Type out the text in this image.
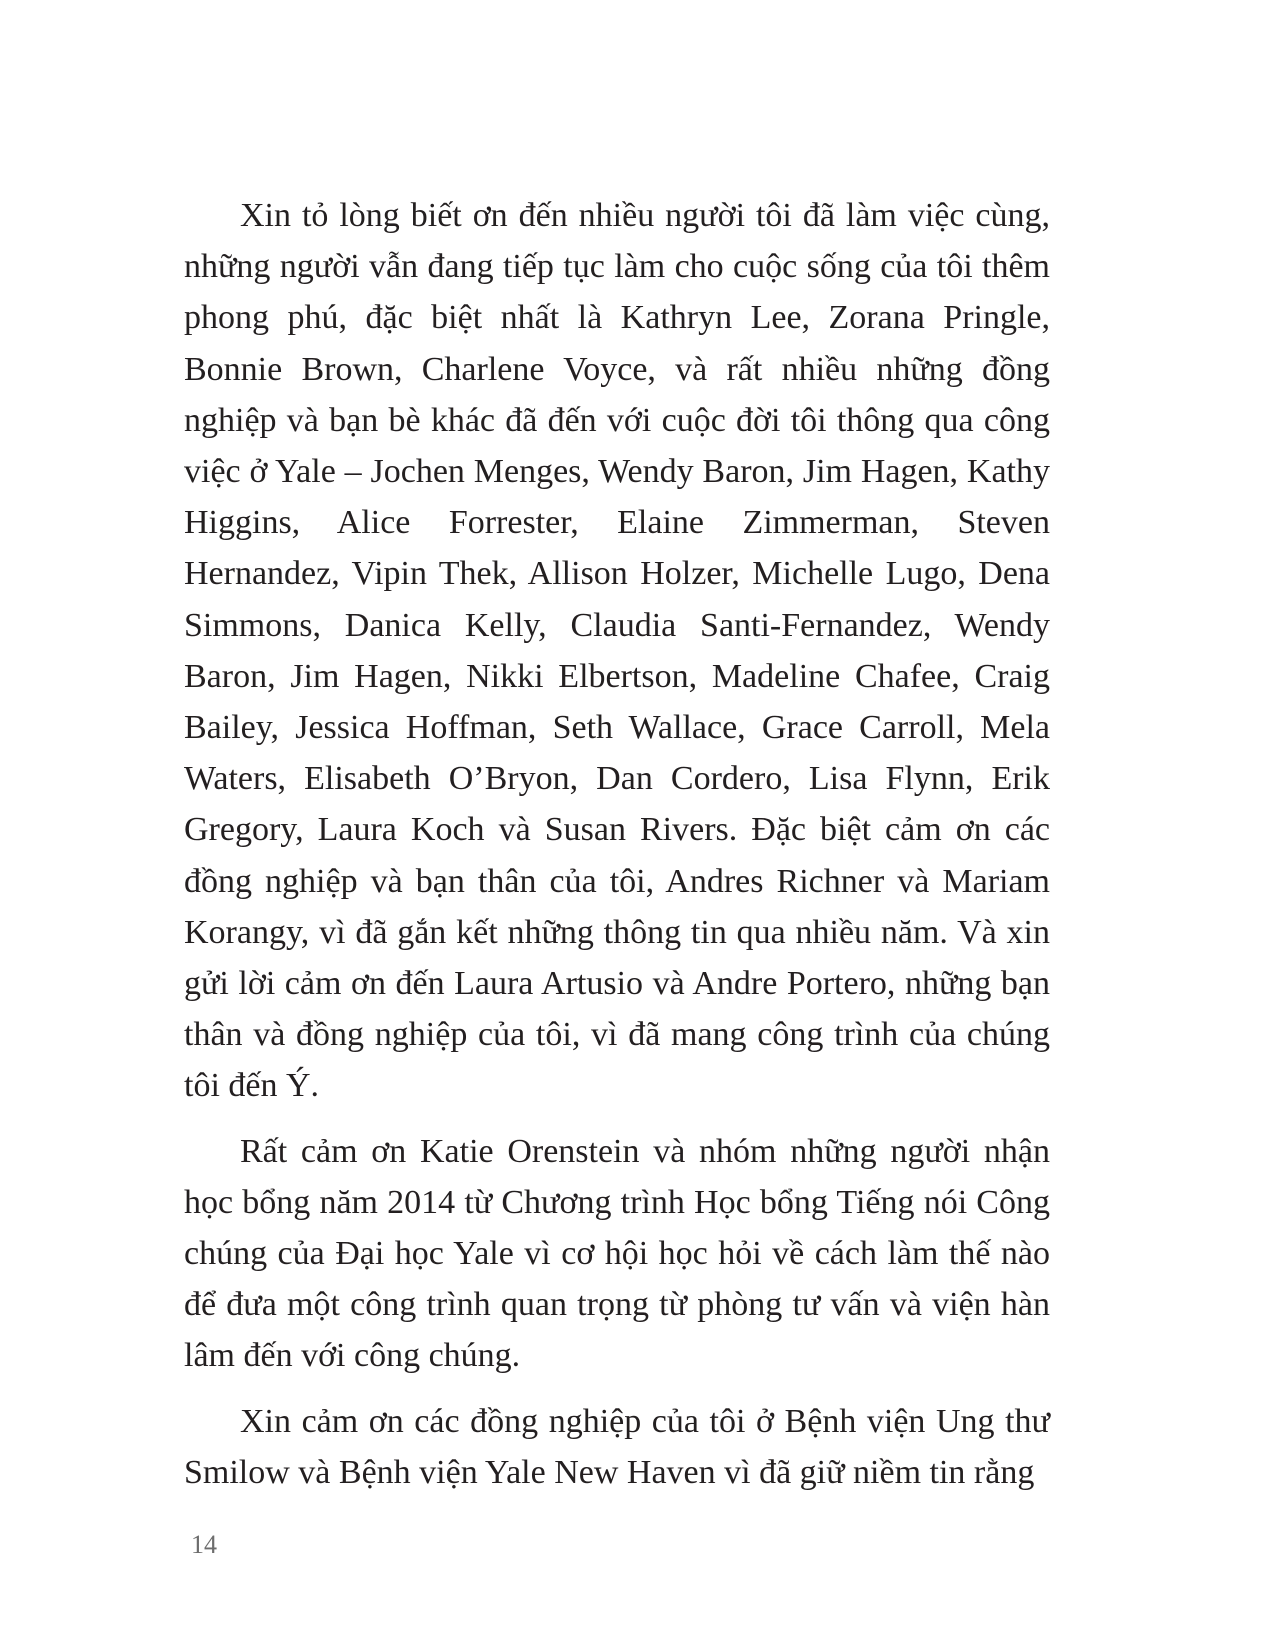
Xin tỏ lòng biết ơn đến nhiều người tôi đã làm việc cùng, những người vẫn đang tiếp tục làm cho cuộc sống của tôi thêm phong phú, đặc biệt nhất là Kathryn Lee, Zorana Pringle, Bonnie Brown, Charlene Voyce, và rất nhiều những đồng nghiệp và bạn bè khác đã đến với cuộc đời tôi thông qua công việc ở Yale – Jochen Menges, Wendy Baron, Jim Hagen, Kathy Higgins, Alice Forrester, Elaine Zimmerman, Steven Hernandez, Vipin Thek, Allison Holzer, Michelle Lugo, Dena Simmons, Danica Kelly, Claudia Santi-Fernandez, Wendy Baron, Jim Hagen, Nikki Elbertson, Madeline Chafee, Craig Bailey, Jessica Hoffman, Seth Wallace, Grace Carroll, Mela Waters, Elisabeth O’Bryon, Dan Cordero, Lisa Flynn, Erik Gregory, Laura Koch và Susan Rivers. Đặc biệt cảm ơn các đồng nghiệp và bạn thân của tôi, Andres Richner và Mariam Korangy, vì đã gắn kết những thông tin qua nhiều năm. Và xin gửi lời cảm ơn đến Laura Artusio và Andre Portero, những bạn thân và đồng nghiệp của tôi, vì đã mang công trình của chúng tôi đến Ý.

Rất cảm ơn Katie Orenstein và nhóm những người nhận học bổng năm 2014 từ Chương trình Học bổng Tiếng nói Công chúng của Đại học Yale vì cơ hội học hỏi về cách làm thế nào để đưa một công trình quan trọng từ phòng tư vấn và viện hàn lâm đến với công chúng.

Xin cảm ơn các đồng nghiệp của tôi ở Bệnh viện Ung thư Smilow và Bệnh viện Yale New Haven vì đã giữ niềm tin rằng

14
